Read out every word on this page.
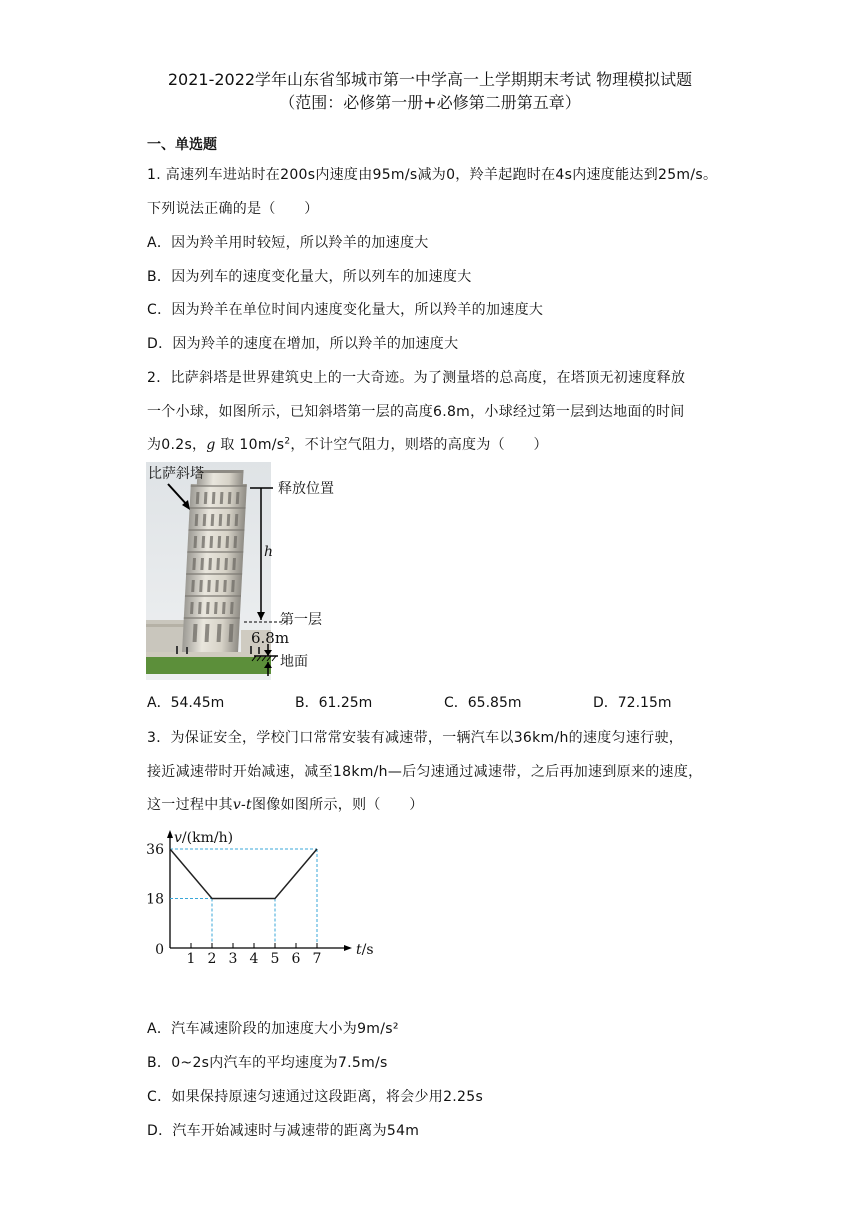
2021-2022学年山东省邹城市第一中学高一上学期期末考试 物理模拟试题
（范围：必修第一册+必修第二册第五章）
一、单选题
1. 高速列车进站时在200s内速度由95m/s减为0，羚羊起跑时在4s内速度能达到25m/s。
下列说法正确的是（　　）
A．因为羚羊用时较短，所以羚羊的加速度大
B．因为列车的速度变化量大，所以列车的加速度大
C．因为羚羊在单位时间内速度变化量大，所以羚羊的加速度大
D．因为羚羊的速度在增加，所以羚羊的加速度大
2．比萨斜塔是世界建筑史上的一大奇迹。为了测量塔的总高度，在塔顶无初速度释放
一个小球，如图所示，已知斜塔第一层的高度6.8m，小球经过第一层到达地面的时间
为0.2s，g 取 $10m/s^2$，不计空气阻力，则塔的高度为（　　）
比萨斜塔
释放位置
h
第一层
6.8m
地面
A．54.45m	B．61.25m	C．65.85m	D．72.15m
3．为保证安全，学校门口常常安装有减速带，一辆汽车以36km/h的速度匀速行驶，
接近减速带时开始减速，减至18km/h—后匀速通过减速带，之后再加速到原来的速度，
这一过程中其v-t图像如图所示，则（　　）
1 2 3 4 5 6 7
36
18
0
v/(km/h)
t/s
A．汽车减速阶段的加速度大小为9m/s²
B．0~2s内汽车的平均速度为7.5m/s
C．如果保持原速匀速通过这段距离，将会少用2.25s
D．汽车开始减速时与减速带的距离为54m
